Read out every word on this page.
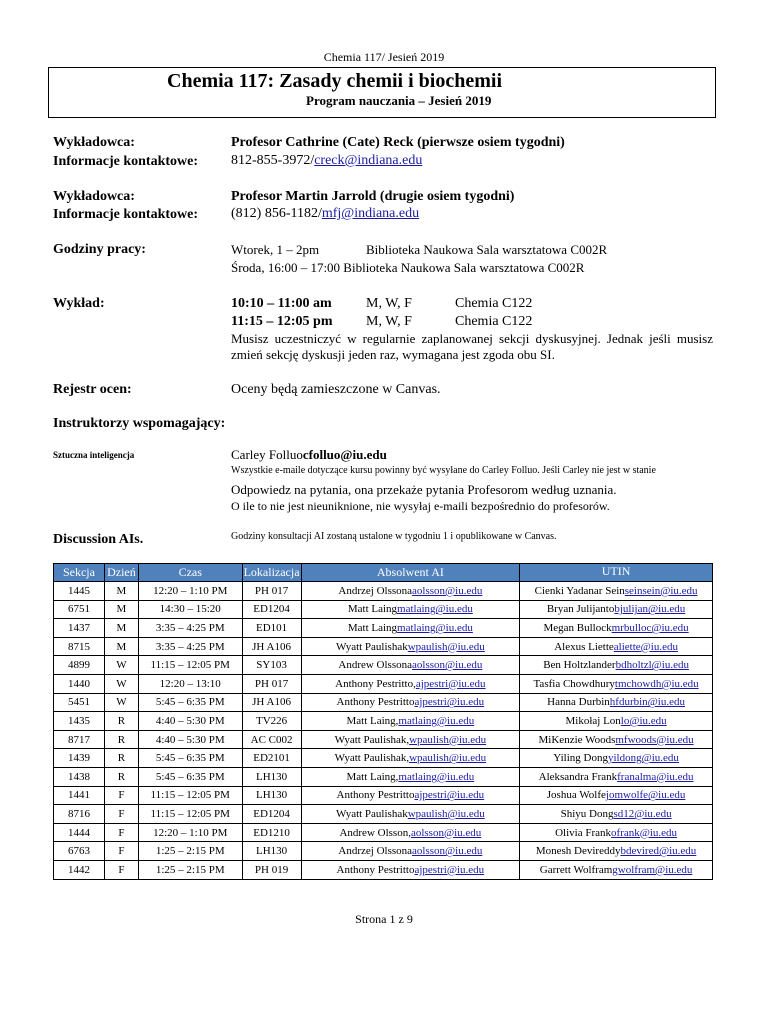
Chemia 117/ Jesień 2019
Chemia 117: Zasady chemii i biochemii
Program nauczania – Jesień 2019
Wykładowca:	Profesor Cathrine (Cate) Reck (pierwsze osiem tygodni)
Informacje kontaktowe: 812-855-3972/creck@indiana.edu
Wykładowca:	Profesor Martin Jarrold (drugie osiem tygodni)
Informacje kontaktowe: (812) 856-1182/mfj@indiana.edu
Godziny pracy:	Wtorek, 1 – 2pm	Biblioteka Naukowa Sala warsztatowa C002R
Środa, 16:00 – 17:00 Biblioteka Naukowa Sala warsztatowa C002R
Wykład:	10:10 – 11:00 am M, W, F	Chemia C122
11:15 – 12:05 pm M, W, F	Chemia C122
Musisz uczestniczyć w regularnie zaplanowanej sekcji dyskusyjnej. Jednak jeśli musisz zmień sekcję dyskusji jeden raz, wymagana jest zgoda obu SI.
Rejestr ocen:	Oceny będą zamieszczone w Canvas.
Instruktorzy wspomagający:
Sztuczna inteligencja	Carley Folluocfolluo@iu.edu
Wszystkie e-maile dotyczące kursu powinny być wysyłane do Carley Folluo. Jeśli Carley nie jest w stanie
Odpowiedz na pytania, ona przekaże pytania Profesorom według uznania.
O ile to nie jest nieuniknione, nie wysyłaj e-maili bezpośrednio do profesorów.
Discussion AIs.	Godziny konsultacji AI zostaną ustalone w tygodniu 1 i opublikowane w Canvas.
Sekcja	Dzień	Czas	Lokalizacja	Absolwent AI	UTIN
1445	M	12:20 – 1:10 PM	PH 017	Andrzej Olssonaaolsson@iu.edu	Cienki Yadanar Seinseinsein@iu.edu
6751	M	14:30 – 15:20	ED1204	Matt Laingmatlaing@iu.edu	Bryan Julijantobjulijan@iu.edu
1437	M	3:35 – 4:25 PM	ED101	Matt Laingmatlaing@iu.edu	Megan Bullockmrbulloc@iu.edu
8715	M	3:35 – 4:25 PM	JH A106	Wyatt Paulishakwpaulish@iu.edu	Alexus Liettealiette@iu.edu
4899	W	11:15 – 12:05 PM	SY103	Andrew Olssonaaolsson@iu.edu	Ben Holtzlanderbdholtzl@iu.edu
1440	W	12:20 – 13:10	PH 017	Anthony Pestritto,ajpestri@iu.edu	Tasfia Chowdhurytmchowdh@iu.edu
5451	W	5:45 – 6:35 PM	JH A106	Anthony Pestrittoajpestri@iu.edu	Hanna Durbinhfdurbin@iu.edu
1435	R	4:40 – 5:30 PM	TV226	Matt Laing,matlaing@iu.edu	Mikołaj Lonlo@iu.edu
8717	R	4:40 – 5:30 PM	AC C002	Wyatt Paulishak,wpaulish@iu.edu	MiKenzie Woodsmfwoods@iu.edu
1439	R	5:45 – 6:35 PM	ED2101	Wyatt Paulishak,wpaulish@iu.edu	Yiling Dongyildong@iu.edu
1438	R	5:45 – 6:35 PM	LH130	Matt Laing,matlaing@iu.edu	Aleksandra Frankfranalma@iu.edu
1441	F	11:15 – 12:05 PM	LH130	Anthony Pestrittoajpestri@iu.edu	Joshua Wolfejomwolfe@iu.edu
8716	F	11:15 – 12:05 PM	ED1204	Wyatt Paulishakwpaulish@iu.edu	Shiyu Dongsd12@iu.edu
1444	F	12:20 – 1:10 PM	ED1210	Andrew Olsson,aolsson@iu.edu	Olivia Frankofrank@iu.edu
6763	F	1:25 – 2:15 PM	LH130	Andrzej Olssonaaolsson@iu.edu	Monesh Devireddybdevired@iu.edu
1442	F	1:25 – 2:15 PM	PH 019	Anthony Pestrittoajpestri@iu.edu	Garrett Wolframgwolfram@iu.edu
Strona 1 z 9
